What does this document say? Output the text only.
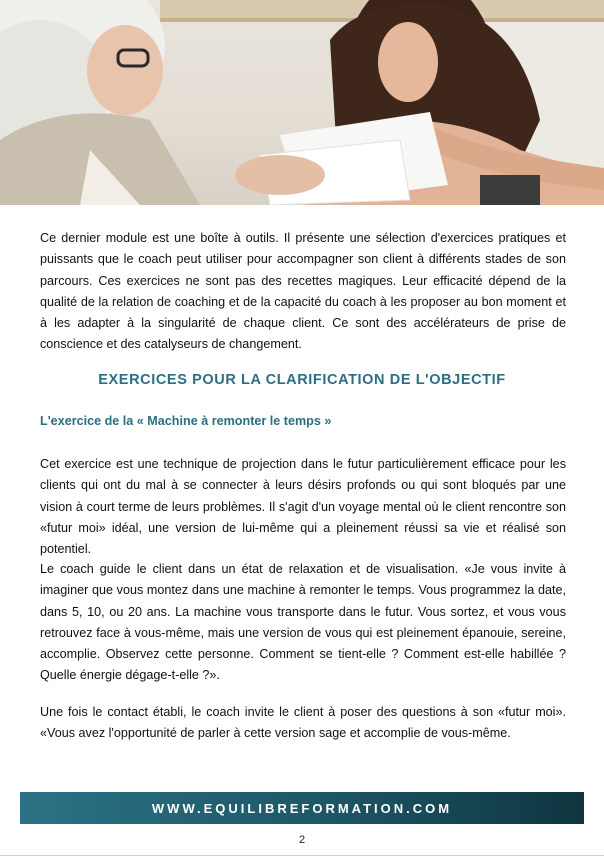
Ce dernier module est une boîte à outils. Il présente une sélection d'exercices pratiques et puissants que le coach peut utiliser pour accompagner son client à différents stades de son parcours. Ces exercices ne sont pas des recettes magiques. Leur efficacité dépend de la qualité de la relation de coaching et de la capacité du coach à les proposer au bon moment et à les adapter à la singularité de chaque client. Ce sont des accélérateurs de prise de conscience et des catalyseurs de changement.

EXERCICES POUR LA CLARIFICATION DE L'OBJECTIF
L'exercice de la « Machine à remonter le temps »

Cet exercice est une technique de projection dans le futur particulièrement efficace pour les clients qui ont du mal à se connecter à leurs désirs profonds ou qui sont bloqués par une vision à court terme de leurs problèmes. Il s'agit d'un voyage mental où le client rencontre son «futur moi» idéal, une version de lui-même qui a pleinement réussi sa vie et réalisé son potentiel.

Le coach guide le client dans un état de relaxation et de visualisation. «Je vous invite à imaginer que vous montez dans une machine à remonter le temps. Vous programmez la date, dans 5, 10, ou 20 ans. La machine vous transporte dans le futur. Vous sortez, et vous vous retrouvez face à vous-même, mais une version de vous qui est pleinement épanouie, sereine, accomplie. Observez cette personne. Comment se tient-elle ? Comment est-elle habillée ? Quelle énergie dégage-t-elle ?».

Une fois le contact établi, le coach invite le client à poser des questions à son «futur moi». «Vous avez l'opportunité de parler à cette version sage et accomplie de vous-même.

WWW.EQUILIBREFORMATION.COM
2
